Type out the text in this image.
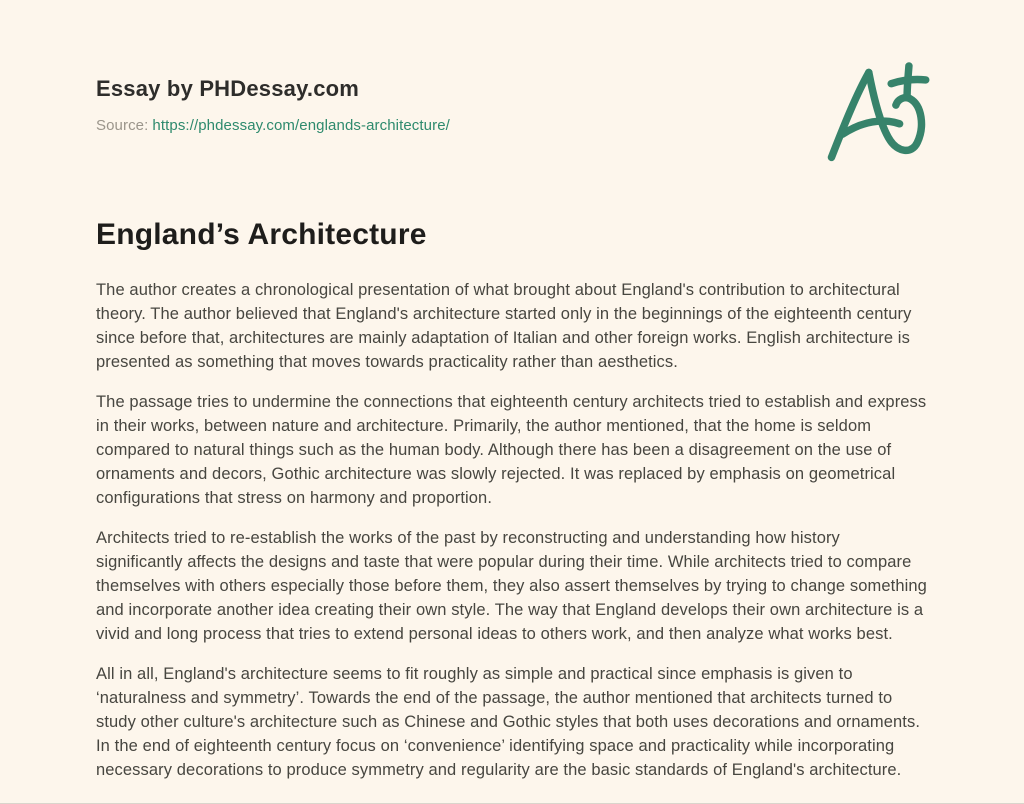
Essay by PHDessay.com
Source: https://phdessay.com/englands-architecture/
England’s Architecture

The author creates a chronological presentation of what brought about England's contribution to architectural theory. The author believed that England's architecture started only in the beginnings of the eighteenth century since before that, architectures are mainly adaptation of Italian and other foreign works. English architecture is presented as something that moves towards practicality rather than aesthetics.

The passage tries to undermine the connections that eighteenth century architects tried to establish and express in their works, between nature and architecture. Primarily, the author mentioned, that the home is seldom compared to natural things such as the human body. Although there has been a disagreement on the use of ornaments and decors, Gothic architecture was slowly rejected. It was replaced by emphasis on geometrical configurations that stress on harmony and proportion.

Architects tried to re-establish the works of the past by reconstructing and understanding how history significantly affects the designs and taste that were popular during their time. While architects tried to compare themselves with others especially those before them, they also assert themselves by trying to change something and incorporate another idea creating their own style. The way that England develops their own architecture is a vivid and long process that tries to extend personal ideas to others work, and then analyze what works best.

All in all, England's architecture seems to fit roughly as simple and practical since emphasis is given to ‘naturalness and symmetry’. Towards the end of the passage, the author mentioned that architects turned to study other culture's architecture such as Chinese and Gothic styles that both uses decorations and ornaments. In the end of eighteenth century focus on ‘convenience’ identifying space and practicality while incorporating necessary decorations to produce symmetry and regularity are the basic standards of England's architecture.
